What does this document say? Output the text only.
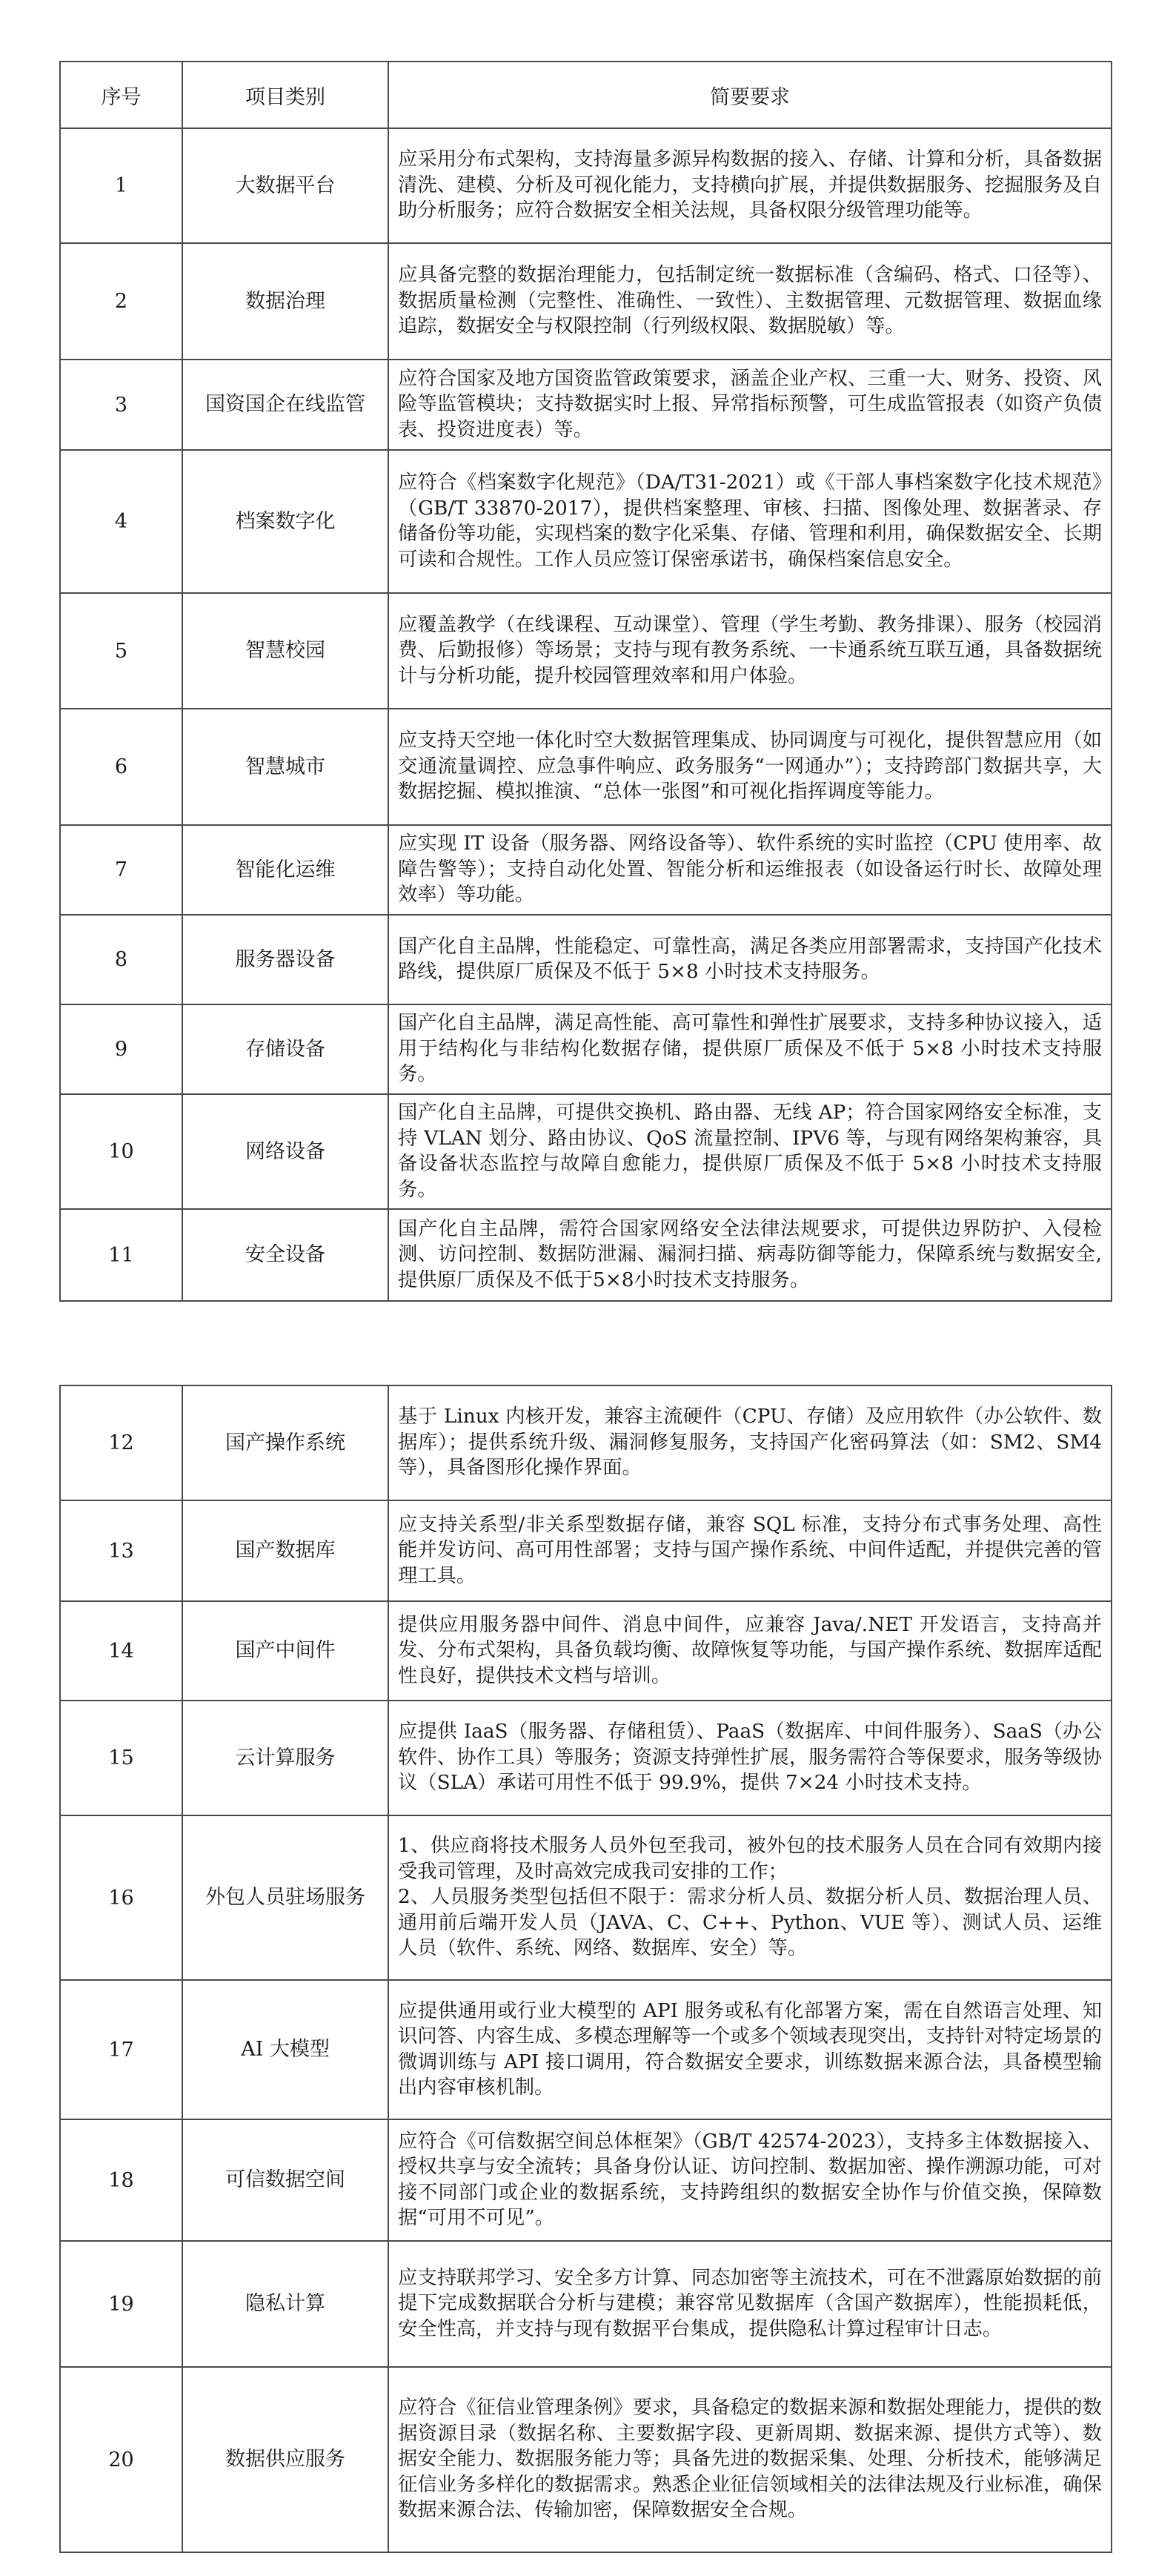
序号	项目类别	简要要求
1	大数据平台	应采用分布式架构，支持海量多源异构数据的接入、存储、计算和分析，具备数据清洗、建模、分析及可视化能力，支持横向扩展，并提供数据服务、挖掘服务及自助分析服务；应符合数据安全相关法规，具备权限分级管理功能等。
2	数据治理	应具备完整的数据治理能力，包括制定统一数据标准（含编码、格式、口径等）、数据质量检测（完整性、准确性、一致性）、主数据管理、元数据管理、数据血缘追踪，数据安全与权限控制（行列级权限、数据脱敏）等。
3	国资国企在线监管	应符合国家及地方国资监管政策要求，涵盖企业产权、三重一大、财务、投资、风险等监管模块；支持数据实时上报、异常指标预警，可生成监管报表（如资产负债表、投资进度表）等。
4	档案数字化	应符合《档案数字化规范》（DA/T31-2021）或《干部人事档案数字化技术规范》（GB/T 33870-2017），提供档案整理、审核、扫描、图像处理、数据著录、存储备份等功能，实现档案的数字化采集、存储、管理和利用，确保数据安全、长期可读和合规性。工作人员应签订保密承诺书，确保档案信息安全。
5	智慧校园	应覆盖教学（在线课程、互动课堂）、管理（学生考勤、教务排课）、服务（校园消费、后勤报修）等场景；支持与现有教务系统、一卡通系统互联互通，具备数据统计与分析功能，提升校园管理效率和用户体验。
6	智慧城市	应支持天空地一体化时空大数据管理集成、协同调度与可视化，提供智慧应用（如交通流量调控、应急事件响应、政务服务“一网通办”）；支持跨部门数据共享，大数据挖掘、模拟推演、“总体一张图”和可视化指挥调度等能力。
7	智能化运维	应实现 IT 设备（服务器、网络设备等）、软件系统的实时监控（CPU 使用率、故障告警等）；支持自动化处置、智能分析和运维报表（如设备运行时长、故障处理效率）等功能。
8	服务器设备	国产化自主品牌，性能稳定、可靠性高，满足各类应用部署需求，支持国产化技术路线，提供原厂质保及不低于 5×8 小时技术支持服务。
9	存储设备	国产化自主品牌，满足高性能、高可靠性和弹性扩展要求，支持多种协议接入，适用于结构化与非结构化数据存储，提供原厂质保及不低于 5×8 小时技术支持服务。
10	网络设备	国产化自主品牌，可提供交换机、路由器、无线 AP；符合国家网络安全标准，支持 VLAN 划分、路由协议、QoS 流量控制、IPV6 等，与现有网络架构兼容，具备设备状态监控与故障自愈能力，提供原厂质保及不低于 5×8 小时技术支持服务。
11	安全设备	国产化自主品牌，需符合国家网络安全法律法规要求，可提供边界防护、入侵检测、访问控制、数据防泄漏、漏洞扫描、病毒防御等能力，保障系统与数据安全,提供原厂质保及不低于5×8小时技术支持服务。
12	国产操作系统	基于 Linux 内核开发，兼容主流硬件（CPU、存储）及应用软件（办公软件、数据库）；提供系统升级、漏洞修复服务，支持国产化密码算法（如：SM2、SM4 等），具备图形化操作界面。
13	国产数据库	应支持关系型/非关系型数据存储，兼容 SQL 标准，支持分布式事务处理、高性能并发访问、高可用性部署；支持与国产操作系统、中间件适配，并提供完善的管理工具。
14	国产中间件	提供应用服务器中间件、消息中间件，应兼容 Java/.NET 开发语言，支持高并发、分布式架构，具备负载均衡、故障恢复等功能，与国产操作系统、数据库适配性良好，提供技术文档与培训。
15	云计算服务	应提供 IaaS（服务器、存储租赁）、PaaS（数据库、中间件服务）、SaaS（办公软件、协作工具）等服务；资源支持弹性扩展，服务需符合等保要求，服务等级协议（SLA）承诺可用性不低于 99.9%，提供 7×24 小时技术支持。
16	外包人员驻场服务	1、供应商将技术服务人员外包至我司，被外包的技术服务人员在合同有效期内接受我司管理，及时高效完成我司安排的工作；
2、人员服务类型包括但不限于：需求分析人员、数据分析人员、数据治理人员、通用前后端开发人员（JAVA、C、C++、Python、VUE 等）、测试人员、运维人员（软件、系统、网络、数据库、安全）等。
17	AI 大模型	应提供通用或行业大模型的 API 服务或私有化部署方案，需在自然语言处理、知识问答、内容生成、多模态理解等一个或多个领域表现突出，支持针对特定场景的微调训练与 API 接口调用，符合数据安全要求，训练数据来源合法，具备模型输出内容审核机制。
18	可信数据空间	应符合《可信数据空间总体框架》（GB/T 42574-2023），支持多主体数据接入、授权共享与安全流转；具备身份认证、访问控制、数据加密、操作溯源功能，可对接不同部门或企业的数据系统，支持跨组织的数据安全协作与价值交换，保障数据“可用不可见”。
19	隐私计算	应支持联邦学习、安全多方计算、同态加密等主流技术，可在不泄露原始数据的前提下完成数据联合分析与建模；兼容常见数据库（含国产数据库），性能损耗低，安全性高，并支持与现有数据平台集成，提供隐私计算过程审计日志。
20	数据供应服务	应符合《征信业管理条例》要求，具备稳定的数据来源和数据处理能力，提供的数据资源目录（数据名称、主要数据字段、更新周期、数据来源、提供方式等）、数据安全能力、数据服务能力等；具备先进的数据采集、处理、分析技术，能够满足征信业务多样化的数据需求。熟悉企业征信领域相关的法律法规及行业标准，确保数据来源合法、传输加密，保障数据安全合规。
